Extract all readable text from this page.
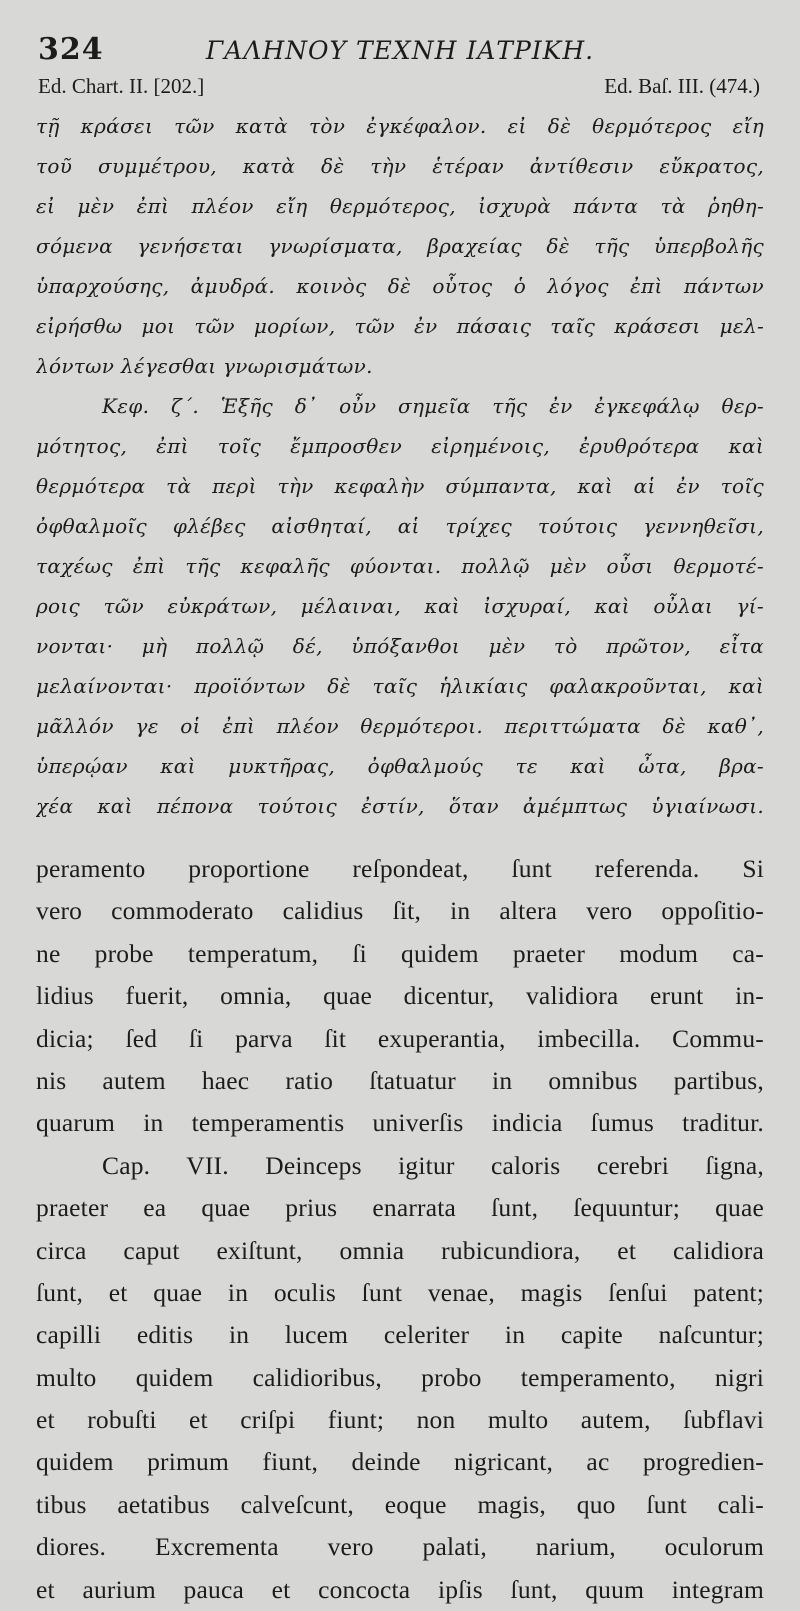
324	ΓΑΛΗΝΟΥ ΤΕΧΝΗ ΙΑΤΡΙΚΗ.
Ed. Chart. II. [202.]	Ed. Baſ. III. (474.)
τῇ κράσει τῶν κατὰ τὸν ἐγκέφαλον. εἰ δὲ θερμότερος εἴη
τοῦ συμμέτρου, κατὰ δὲ τὴν ἑτέραν ἀντίθεσιν εὔκρατος,
εἰ μὲν ἐπὶ πλέον εἴη θερμότερος, ἰσχυρὰ πάντα τὰ ῥηθη-
σόμενα γενήσεται γνωρίσματα, βραχείας δὲ τῆς ὑπερβολῆς
ὑπαρχούσης, ἀμυδρά. κοινὸς δὲ οὗτος ὁ λόγος ἐπὶ πάντων
εἰρήσθω μοι τῶν μορίων, τῶν ἐν πάσαις ταῖς κράσεσι μελ-
λόντων λέγεσθαι γνωρισμάτων.
Κεφ. ζ΄. Ἑξῆς δ᾽ οὖν σημεῖα τῆς ἐν ἐγκεφάλῳ θερ-
μότητος, ἐπὶ τοῖς ἔμπροσθεν εἰρημένοις, ἐρυθρότερα καὶ
θερμότερα τὰ περὶ τὴν κεφαλὴν σύμπαντα, καὶ αἱ ἐν τοῖς
ὀφθαλμοῖς φλέβες αἰσθηταί, αἱ τρίχες τούτοις γεννηθεῖσι,
ταχέως ἐπὶ τῆς κεφαλῆς φύονται. πολλῷ μὲν οὖσι θερμοτέ-
ροις τῶν εὐκράτων, μέλαιναι, καὶ ἰσχυραί, καὶ οὖλαι γί-
νονται· μὴ πολλῷ δέ, ὑπόξανθοι μὲν τὸ πρῶτον, εἶτα
μελαίνονται· προϊόντων δὲ ταῖς ἡλικίαις φαλακροῦνται, καὶ
μᾶλλόν γε οἱ ἐπὶ πλέον θερμότεροι. περιττώματα δὲ καθ᾽,
ὑπερῴαν καὶ μυκτῆρας, ὀφθαλμούς τε καὶ ὦτα, βρα-
χέα καὶ πέπονα τούτοις ἐστίν, ὅταν ἀμέμπτως ὑγιαίνωσι.
peramento proportione reſpondeat, ſunt referenda. Si
vero commoderato calidius ſit, in altera vero oppoſitio-
ne probe temperatum, ſi quidem praeter modum ca-
lidius fuerit, omnia, quae dicentur, validiora erunt in-
dicia; ſed ſi parva ſit exuperantia, imbecilla. Commu-
nis autem haec ratio ſtatuatur in omnibus partibus,
quarum in temperamentis univerſis indicia ſumus traditur.
Cap. VII. Deinceps igitur caloris cerebri ſigna,
praeter ea quae prius enarrata ſunt, ſequuntur; quae
circa caput exiſtunt, omnia rubicundiora, et calidiora
ſunt, et quae in oculis ſunt venae, magis ſenſui patent;
capilli editis in lucem celeriter in capite naſcuntur;
multo quidem calidioribus, probo temperamento, nigri
et robuſti et criſpi fiunt; non multo autem, ſubflavi
quidem primum fiunt, deinde nigricant, ac progredien-
tibus aetatibus calveſcunt, eoque magis, quo ſunt cali-
diores. Excrementa vero palati, narium, oculorum
et aurium pauca et concocta ipſis ſunt, quum integram
